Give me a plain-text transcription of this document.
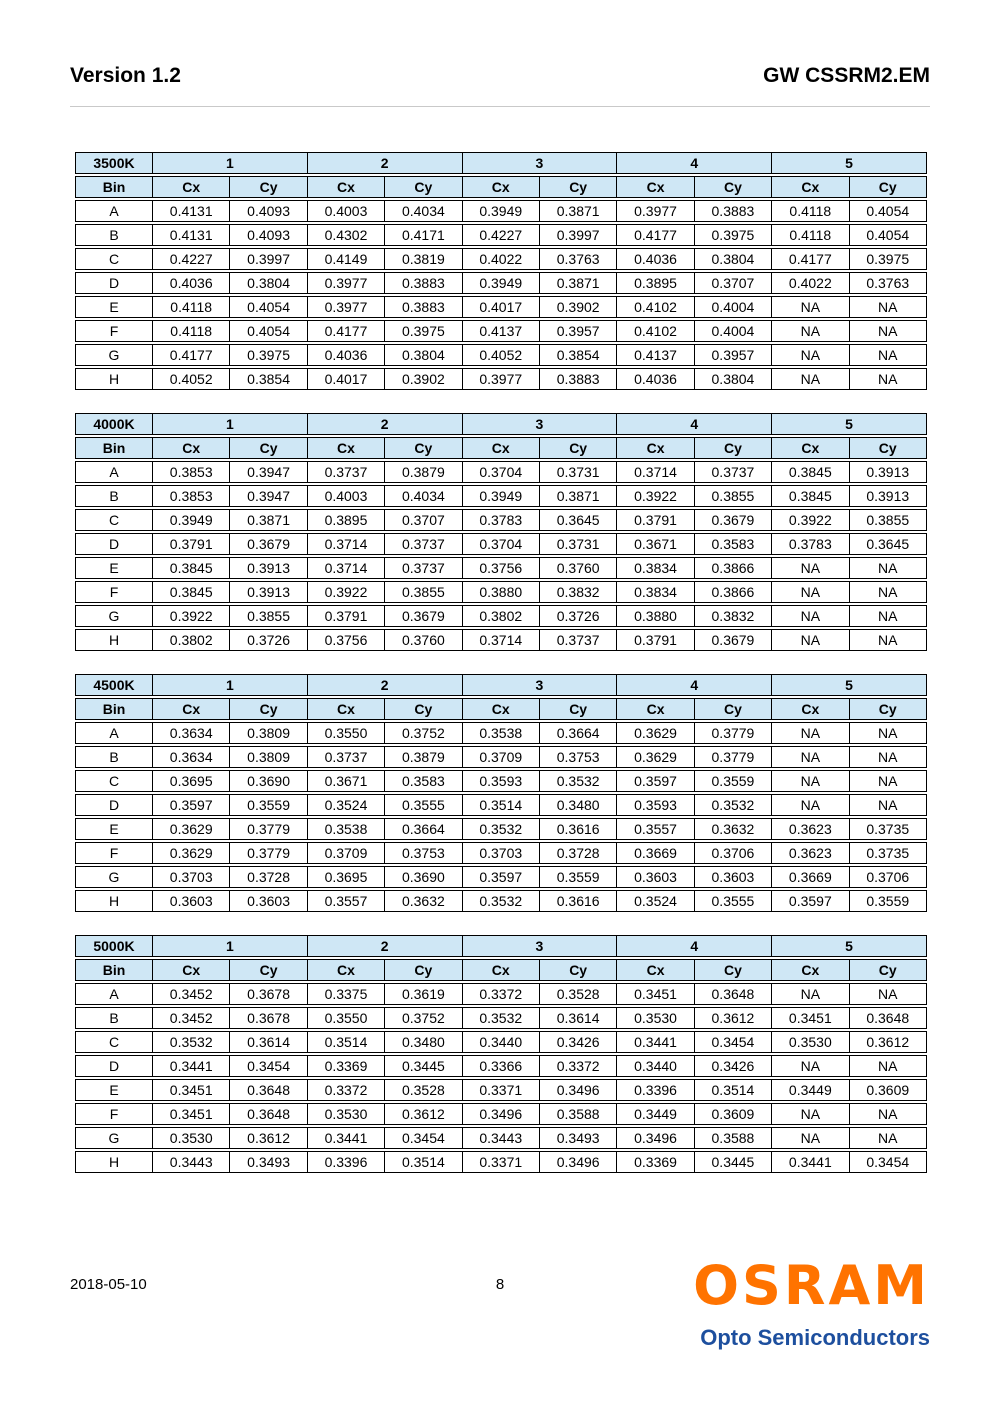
Version 1.2	GW CSSRM2.EM
3500K	1		2		3		4		5	
Bin	Cx	Cy	Cx	Cy	Cx	Cy	Cx	Cy	Cx	Cy
A	0.4131	0.4093	0.4003	0.4034	0.3949	0.3871	0.3977	0.3883	0.4118	0.4054
B	0.4131	0.4093	0.4302	0.4171	0.4227	0.3997	0.4177	0.3975	0.4118	0.4054
C	0.4227	0.3997	0.4149	0.3819	0.4022	0.3763	0.4036	0.3804	0.4177	0.3975
D	0.4036	0.3804	0.3977	0.3883	0.3949	0.3871	0.3895	0.3707	0.4022	0.3763
E	0.4118	0.4054	0.3977	0.3883	0.4017	0.3902	0.4102	0.4004	NA	NA
F	0.4118	0.4054	0.4177	0.3975	0.4137	0.3957	0.4102	0.4004	NA	NA
G	0.4177	0.3975	0.4036	0.3804	0.4052	0.3854	0.4137	0.3957	NA	NA
H	0.4052	0.3854	0.4017	0.3902	0.3977	0.3883	0.4036	0.3804	NA	NA
4000K	1		2		3		4		5	
Bin	Cx	Cy	Cx	Cy	Cx	Cy	Cx	Cy	Cx	Cy
A	0.3853	0.3947	0.3737	0.3879	0.3704	0.3731	0.3714	0.3737	0.3845	0.3913
B	0.3853	0.3947	0.4003	0.4034	0.3949	0.3871	0.3922	0.3855	0.3845	0.3913
C	0.3949	0.3871	0.3895	0.3707	0.3783	0.3645	0.3791	0.3679	0.3922	0.3855
D	0.3791	0.3679	0.3714	0.3737	0.3704	0.3731	0.3671	0.3583	0.3783	0.3645
E	0.3845	0.3913	0.3714	0.3737	0.3756	0.3760	0.3834	0.3866	NA	NA
F	0.3845	0.3913	0.3922	0.3855	0.3880	0.3832	0.3834	0.3866	NA	NA
G	0.3922	0.3855	0.3791	0.3679	0.3802	0.3726	0.3880	0.3832	NA	NA
H	0.3802	0.3726	0.3756	0.3760	0.3714	0.3737	0.3791	0.3679	NA	NA
4500K	1		2		3		4		5	
Bin	Cx	Cy	Cx	Cy	Cx	Cy	Cx	Cy	Cx	Cy
A	0.3634	0.3809	0.3550	0.3752	0.3538	0.3664	0.3629	0.3779	NA	NA
B	0.3634	0.3809	0.3737	0.3879	0.3709	0.3753	0.3629	0.3779	NA	NA
C	0.3695	0.3690	0.3671	0.3583	0.3593	0.3532	0.3597	0.3559	NA	NA
D	0.3597	0.3559	0.3524	0.3555	0.3514	0.3480	0.3593	0.3532	NA	NA
E	0.3629	0.3779	0.3538	0.3664	0.3532	0.3616	0.3557	0.3632	0.3623	0.3735
F	0.3629	0.3779	0.3709	0.3753	0.3703	0.3728	0.3669	0.3706	0.3623	0.3735
G	0.3703	0.3728	0.3695	0.3690	0.3597	0.3559	0.3603	0.3603	0.3669	0.3706
H	0.3603	0.3603	0.3557	0.3632	0.3532	0.3616	0.3524	0.3555	0.3597	0.3559
5000K	1		2		3		4		5	
Bin	Cx	Cy	Cx	Cy	Cx	Cy	Cx	Cy	Cx	Cy
A	0.3452	0.3678	0.3375	0.3619	0.3372	0.3528	0.3451	0.3648	NA	NA
B	0.3452	0.3678	0.3550	0.3752	0.3532	0.3614	0.3530	0.3612	0.3451	0.3648
C	0.3532	0.3614	0.3514	0.3480	0.3440	0.3426	0.3441	0.3454	0.3530	0.3612
D	0.3441	0.3454	0.3369	0.3445	0.3366	0.3372	0.3440	0.3426	NA	NA
E	0.3451	0.3648	0.3372	0.3528	0.3371	0.3496	0.3396	0.3514	0.3449	0.3609
F	0.3451	0.3648	0.3530	0.3612	0.3496	0.3588	0.3449	0.3609	NA	NA
G	0.3530	0.3612	0.3441	0.3454	0.3443	0.3493	0.3496	0.3588	NA	NA
H	0.3443	0.3493	0.3396	0.3514	0.3371	0.3496	0.3369	0.3445	0.3441	0.3454
2018-05-10	8	OSRAM
Opto Semiconductors
